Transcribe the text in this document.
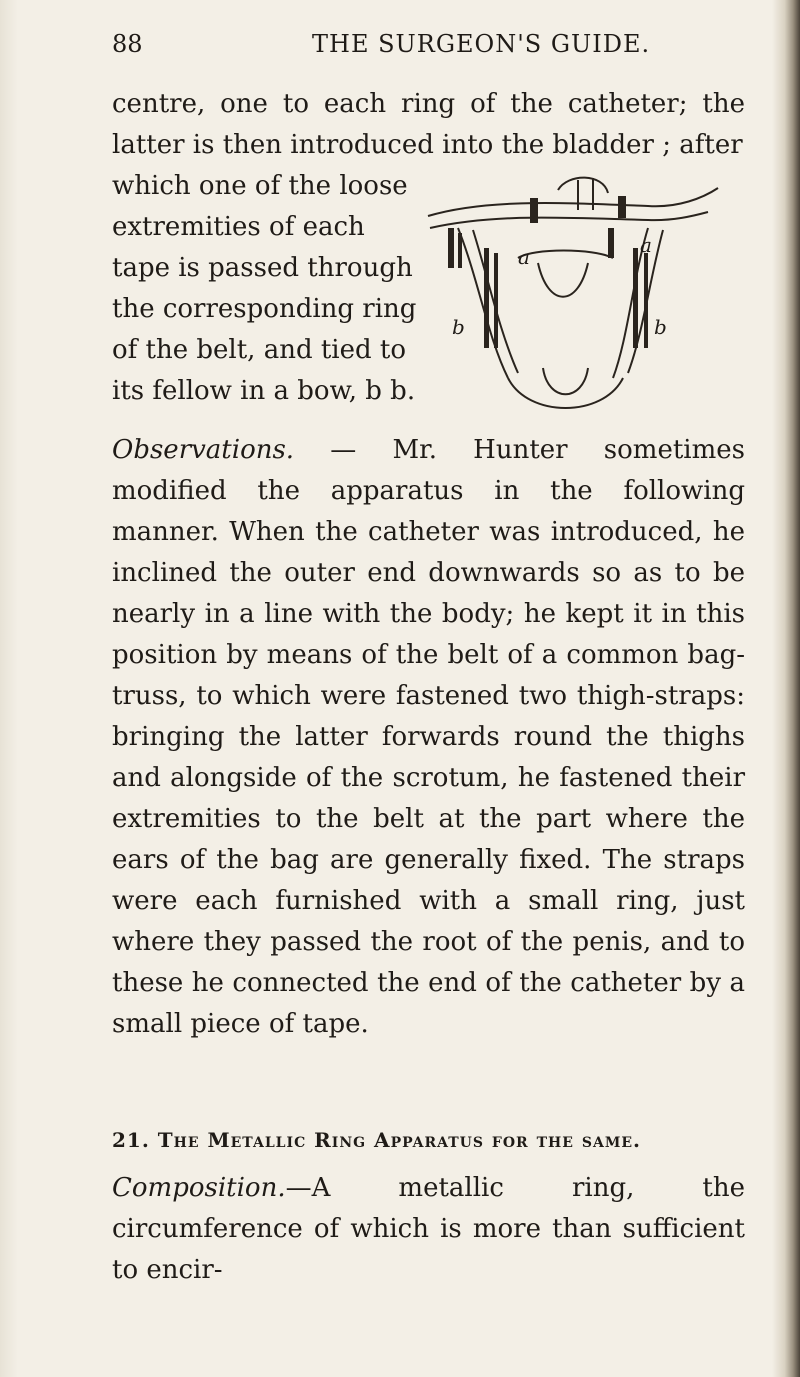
88	THE SURGEON'S GUIDE.

centre, one to each ring of the catheter; the latter is then introduced into the bladder ; after

which one of the loose extremities of each tape is passed through the corresponding ring of the belt, and tied to its fellow in a bow, b b.

a	a
b	b

Observations. — Mr. Hunter sometimes modified the apparatus in the following manner. When the catheter was introduced, he inclined the outer end downwards so as to be nearly in a line with the body; he kept it in this position by means of the belt of a common bag-truss, to which were fastened two thigh-straps: bringing the latter forwards round the thighs and alongside of the scrotum, he fastened their extremities to the belt at the part where the ears of the bag are generally fixed. The straps were each furnished with a small ring, just where they passed the root of the penis, and to these he connected the end of the catheter by a small piece of tape.

21. The Metallic Ring Apparatus for the same.

Composition.—A metallic ring, the circumference of which is more than sufficient to encir-
